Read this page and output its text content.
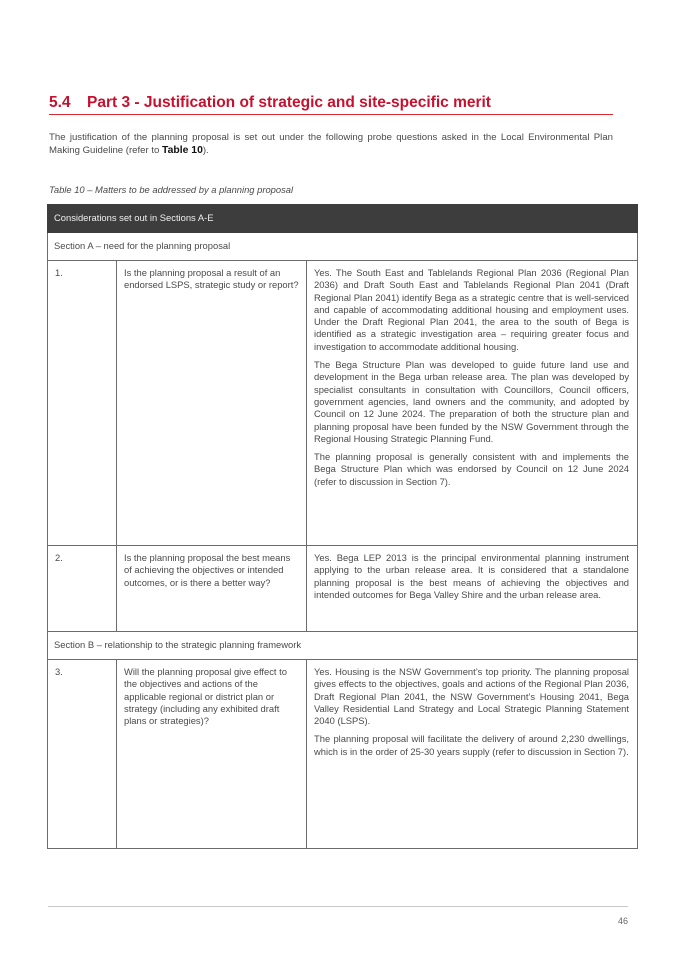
5.4 Part 3 - Justification of strategic and site-specific merit
The justification of the planning proposal is set out under the following probe questions asked in the Local Environmental Plan Making Guideline (refer to Table 10).
Table 10 – Matters to be addressed by a planning proposal
Considerations set out in Sections A-E		
Section A – need for the planning proposal		
1.	Is the planning proposal a result of an endorsed LSPS, strategic study or report?	Yes. The South East and Tablelands Regional Plan 2036 (Regional Plan 2036) and Draft South East and Tablelands Regional Plan 2041 (Draft Regional Plan 2041) identify Bega as a strategic centre that is well-serviced and capable of accommodating additional housing and employment uses. Under the Draft Regional Plan 2041, the area to the south of Bega is identified as a strategic investigation area – requiring greater focus and investigation to accommodate additional housing.

The Bega Structure Plan was developed to guide future land use and development in the Bega urban release area. The plan was developed by specialist consultants in consultation with Councillors, Council officers, government agencies, land owners and the community, and adopted by Council on 12 June 2024. The preparation of both the structure plan and planning proposal have been funded by the NSW Government through the Regional Housing Strategic Planning Fund.

The planning proposal is generally consistent with and implements the Bega Structure Plan which was endorsed by Council on 12 June 2024 (refer to discussion in Section 7).

2.	Is the planning proposal the best means of achieving the objectives or intended outcomes, or is there a better way?	Yes. Bega LEP 2013 is the principal environmental planning instrument applying to the urban release area. It is considered that a standalone planning proposal is the best means of achieving the objectives and intended outcomes for Bega Valley Shire and the urban release area.

Section B – relationship to the strategic planning framework		
3.	Will the planning proposal give effect to the objectives and actions of the applicable regional or district plan or strategy (including any exhibited draft plans or strategies)?	Yes. Housing is the NSW Government’s top priority. The planning proposal gives effects to the objectives, goals and actions of the Regional Plan 2036, Draft Regional Plan 2041, the NSW Government’s Housing 2041, Bega Valley Residential Land Strategy and Local Strategic Planning Statement 2040 (LSPS).

The planning proposal will facilitate the delivery of around 2,230 dwellings, which is in the order of 25-30 years supply (refer to discussion in Section 7).

46
